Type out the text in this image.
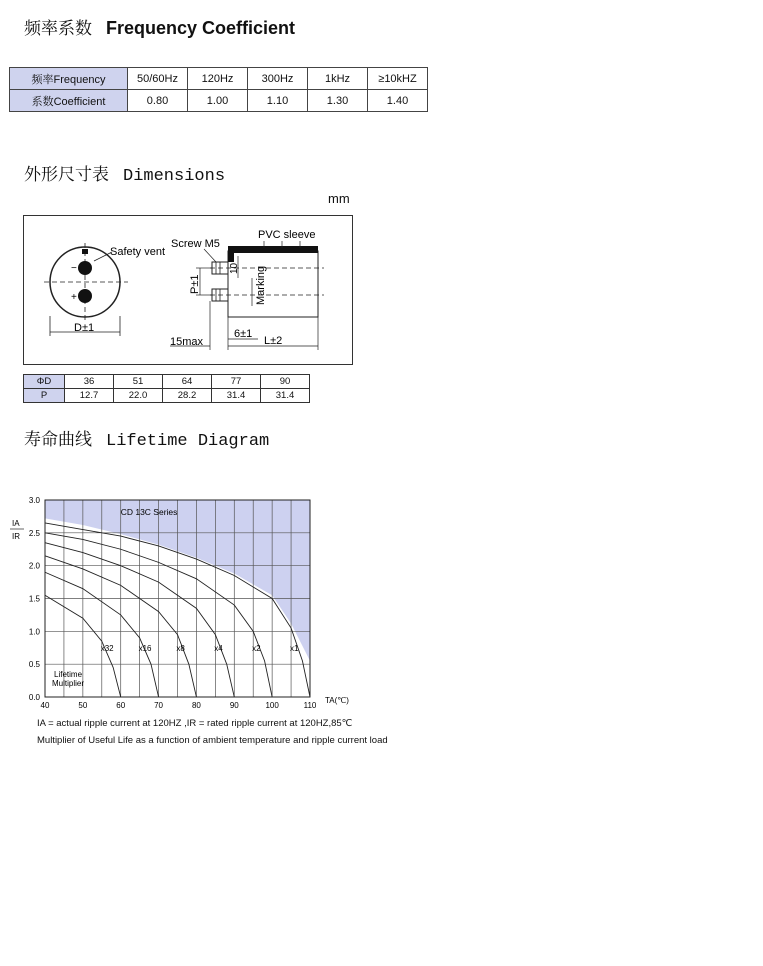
频率系数 Frequency Coefficient
频率Frequency	50/60Hz	120Hz	300Hz	1kHz	≥10kHZ
系数Coefficient	0.80	1.00	1.10	1.30	1.40
外形尺寸表 Dimensions
mm
−
+
Safety vent
D±1
P±1
10 Marking
Screw M5
PVC sleeve
6±1
15max	L±2
ΦD	36	51	64	77	90
P	12.7	22.0	28.2	31.4	31.4
寿命曲线 Lifetime Diagram
x32	x16	x8	x4	x2	x1
40	50	60	70	80	90	100	110
0.0
0.5
1.0
1.5
2.0
2.5
3.0
IA
IR
TA(℃)
CD 13C Series
Lifetime
Multiplier
IA = actual ripple current at 120HZ ,IR = rated ripple current at 120HZ,85℃
Multiplier of Useful Life as a function of ambient temperature and ripple current load
